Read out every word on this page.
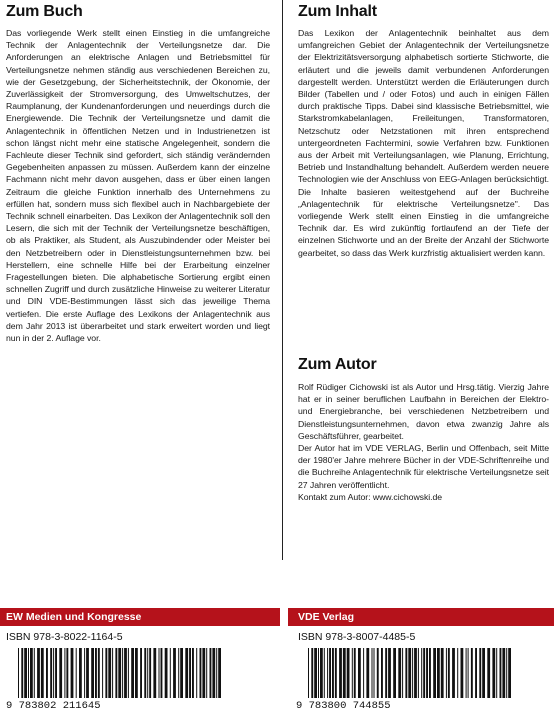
Zum Buch
Das vorliegende Werk stellt einen Einstieg in die umfangreiche Technik der Anlagentechnik der Verteilungsnetze dar. Die Anforderungen an elektrische Anlagen und Betriebsmittel für Verteilungsnetze nehmen ständig aus verschiedenen Bereichen zu, wie der Gesetzgebung, der Sicherheitstechnik, der Ökonomie, der Zuverlässigkeit der Stromversorgung, des Umweltschutzes, der Raumplanung, der Kundenanforderungen und neuerdings durch die Energiewende. Die Technik der Verteilungsnetze und damit die Anlagentechnik in öffentlichen Netzen und in Industrienetzen ist schon längst nicht mehr eine statische Angelegenheit, sondern die Fachleute dieser Technik sind gefordert, sich ständig verändernden Gegebenheiten anpassen zu müssen. Außerdem kann der einzelne Fachmann nicht mehr davon ausgehen, dass er über einen langen Zeitraum die gleiche Funktion innerhalb des Unternehmens zu erfüllen hat, sondern muss sich flexibel auch in Nachbargebiete der Technik schnell einarbeiten. Das Lexikon der Anlagentechnik soll den Lesern, die sich mit der Technik der Verteilungsnetze beschäftigen, ob als Praktiker, als Student, als Auszubindender oder Meister bei den Netzbetreibern oder in Dienstleistungsunternehmen bzw. bei Herstellern, eine schnelle Hilfe bei der Erarbeitung einzelner Fragestellungen bieten. Die alphabetische Sortierung ergibt einen schnellen Zugriff und durch zusätzliche Hinweise zu weiterer Literatur und DIN VDE-Bestimmungen lässt sich das jeweilige Thema vertiefen. Die erste Auflage des Lexikons der Anlagentechnik aus dem Jahr 2013 ist überarbeitet und stark erweitert worden und liegt nun in der 2. Auflage vor.
Zum Inhalt
Das Lexikon der Anlagentechnik beinhaltet aus dem umfangreichen Gebiet der Anlagentechnik der Verteilungsnetze der Elektrizitätsversorgung alphabetisch sortierte Stichworte, die erläutert und die jeweils damit verbundenen Anforderungen dargestellt werden. Unterstützt werden die Erläuterungen durch Bilder (Tabellen und / oder Fotos) und auch in einigen Fällen durch praktische Tipps. Dabei sind klassische Betriebsmittel, wie Starkstromkabelanlagen, Freileitungen, Transformatoren, Netzschutz oder Netzstationen mit ihren entsprechend untergeordneten Fachtermini, sowie Verfahren bzw. Funktionen aus der Arbeit mit Verteilungsanlagen, wie Planung, Errichtung, Betrieb und Instandhaltung behandelt. Außerdem werden neuere Technologien wie der Anschluss von EEG-Anlagen berücksichtigt. Die Inhalte basieren weitestgehend auf der Buchreihe „Anlagentechnik für elektrische Verteilungsnetze". Das vorliegende Werk stellt einen Einstieg in die umfangreiche Technik dar. Es wird zukünftig fortlaufend an der Tiefe der einzelnen Stichworte und an der Breite der Anzahl der Stichworte gearbeitet, so dass das Werk kurzfristig aktualisiert werden kann.
Zum Autor

Rolf Rüdiger Cichowski ist als Autor und Hrsg.tätig. Vierzig Jahre hat er in seiner beruflichen Laufbahn in Bereichen der Elektro- und Energiebranche, bei verschiedenen Netzbetreibern und Dienstleistungsunternehmen, davon etwa zwanzig Jahre als Geschäftsführer, gearbeitet.

Der Autor hat im VDE VERLAG, Berlin und Offenbach, seit Mitte der 1980'er Jahre mehrere Bücher in der VDE-Schriftenreihe und die Buchreihe Anlagentechnik für elektrische Verteilungsnetze seit 27 Jahren veröffentlicht.

Kontakt zum Autor: www.cichowski.de

EW Medien und Kongresse	VDE Verlag
ISBN 978-3-8022-1164-5	ISBN 978-3-8007-4485-5
9 783802 211645	9 783800 744855
